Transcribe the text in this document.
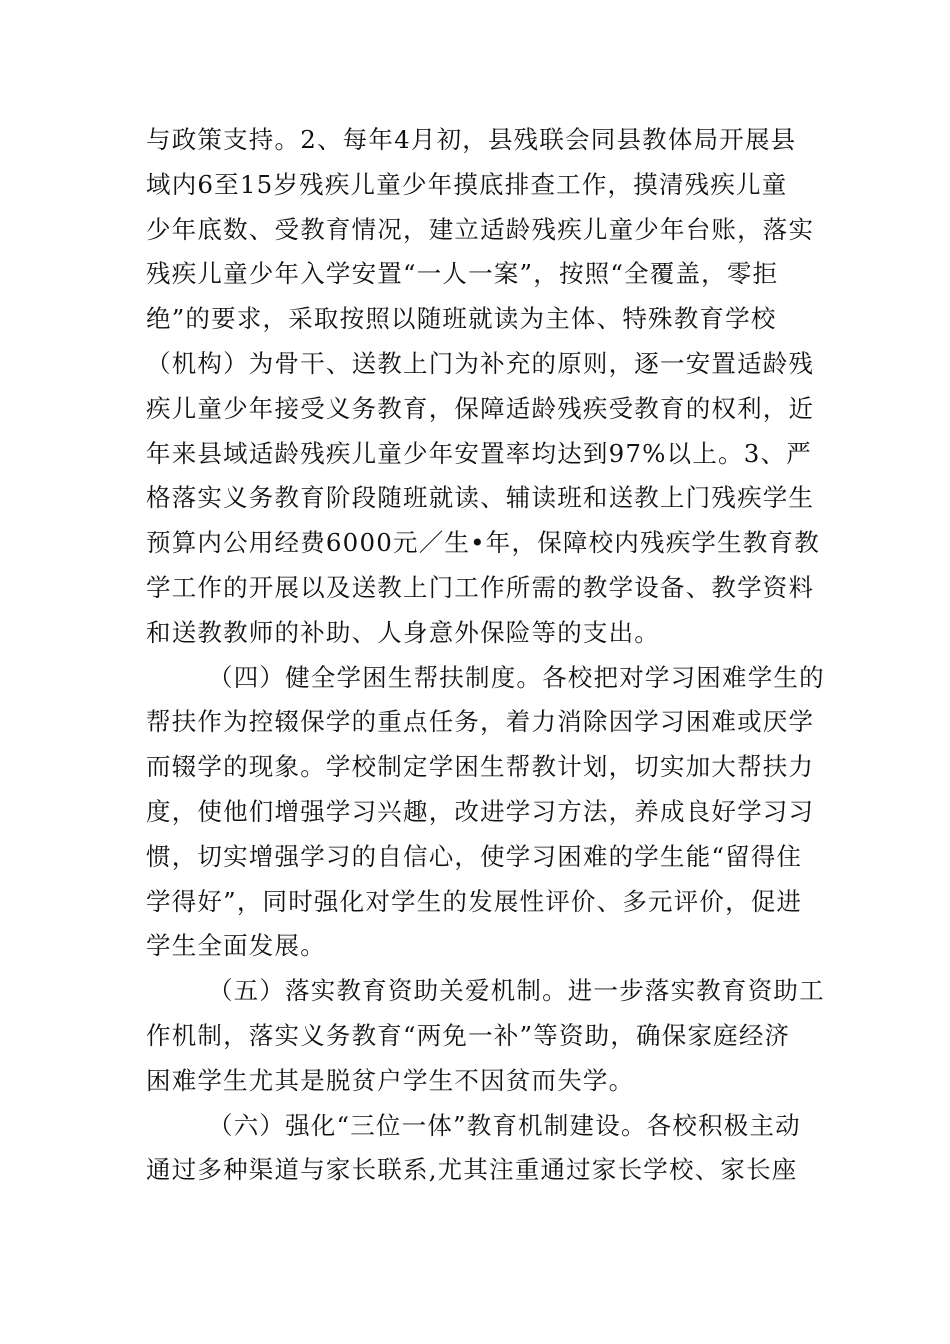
与政策支持。2、每年4月初，县残联会同县教体局开展县
域内6至15岁残疾儿童少年摸底排查工作，摸清残疾儿童
少年底数、受教育情况，建立适龄残疾儿童少年台账，落实
残疾儿童少年入学安置“一人一案”，按照“全覆盖，零拒
绝”的要求，采取按照以随班就读为主体、特殊教育学校
（机构）为骨干、送教上门为补充的原则，逐一安置适龄残
疾儿童少年接受义务教育，保障适龄残疾受教育的权利，近
年来县域适龄残疾儿童少年安置率均达到97%以上。3、严
格落实义务教育阶段随班就读、辅读班和送教上门残疾学生
预算内公用经费6000元／生•年，保障校内残疾学生教育教
学工作的开展以及送教上门工作所需的教学设备、教学资料
和送教教师的补助、人身意外保险等的支出。
（四）健全学困生帮扶制度。各校把对学习困难学生的
帮扶作为控辍保学的重点任务，着力消除因学习困难或厌学
而辍学的现象。学校制定学困生帮教计划，切实加大帮扶力
度，使他们增强学习兴趣，改进学习方法，养成良好学习习
惯，切实增强学习的自信心，使学习困难的学生能“留得住
学得好”，同时强化对学生的发展性评价、多元评价，促进
学生全面发展。
（五）落实教育资助关爱机制。进一步落实教育资助工
作机制，落实义务教育“两免一补”等资助，确保家庭经济
困难学生尤其是脱贫户学生不因贫而失学。
（六）强化“三位一体”教育机制建设。各校积极主动
通过多种渠道与家长联系,尤其注重通过家长学校、家长座
